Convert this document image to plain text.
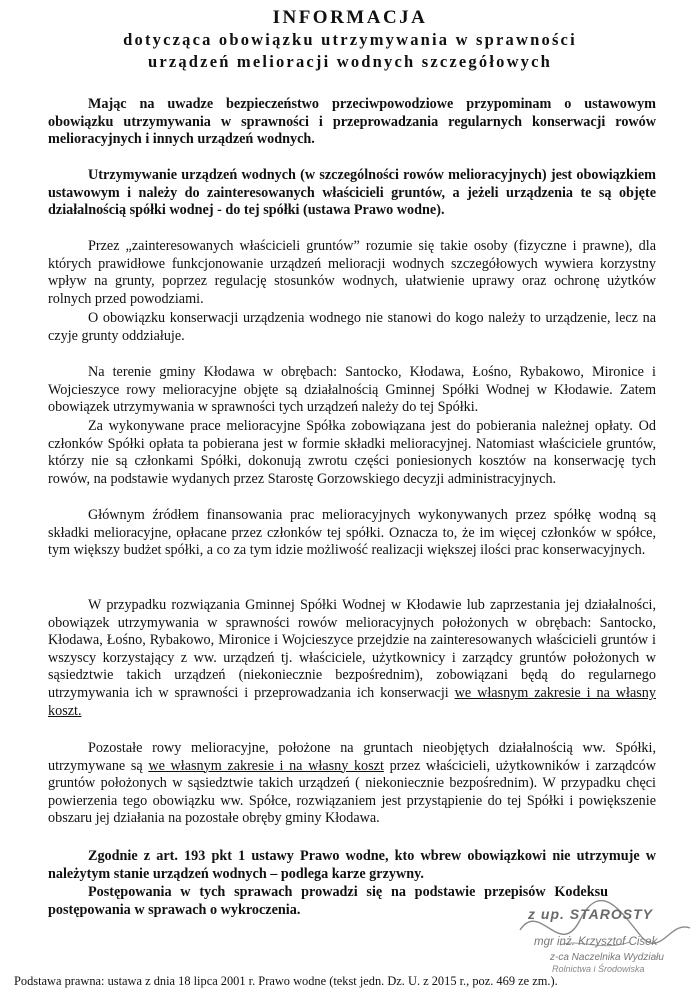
INFORMACJA
dotycząca obowiązku utrzymywania w sprawności
urządzeń melioracji wodnych szczegółowych

Mając na uwadze bezpieczeństwo przeciwpowodziowe przypominam o ustawowym obowiązku utrzymywania w sprawności i przeprowadzania regularnych konserwacji rowów melioracyjnych i innych urządzeń wodnych.

Utrzymywanie urządzeń wodnych (w szczególności rowów melioracyjnych) jest obowiązkiem ustawowym i należy do zainteresowanych właścicieli gruntów, a jeżeli urządzenia te są objęte działalnością spółki wodnej - do tej spółki (ustawa Prawo wodne).

Przez „zainteresowanych właścicieli gruntów” rozumie się takie osoby (fizyczne i prawne), dla których prawidłowe funkcjonowanie urządzeń melioracji wodnych szczegółowych wywiera korzystny wpływ na grunty, poprzez regulację stosunków wodnych, ułatwienie uprawy oraz ochronę użytków rolnych przed powodziami.

O obowiązku konserwacji urządzenia wodnego nie stanowi do kogo należy to urządzenie, lecz na czyje grunty oddziałuje.

Na terenie gminy Kłodawa w obrębach: Santocko, Kłodawa, Łośno, Rybakowo, Mironice i Wojcieszyce rowy melioracyjne objęte są działalnością Gminnej Spółki Wodnej w Kłodawie. Zatem obowiązek utrzymywania w sprawności tych urządzeń należy do tej Spółki.

Za wykonywane prace melioracyjne Spółka zobowiązana jest do pobierania należnej opłaty. Od członków Spółki opłata ta pobierana jest w formie składki melioracyjnej. Natomiast właściciele gruntów, którzy nie są członkami Spółki, dokonują zwrotu części poniesionych kosztów na konserwację tych rowów, na podstawie wydanych przez Starostę Gorzowskiego decyzji administracyjnych.

Głównym źródłem finansowania prac melioracyjnych wykonywanych przez spółkę wodną są składki melioracyjne, opłacane przez członków tej spółki. Oznacza to, że im więcej członków w spółce, tym większy budżet spółki, a co za tym idzie możliwość realizacji większej ilości prac konserwacyjnych.

W przypadku rozwiązania Gminnej Spółki Wodnej w Kłodawie lub zaprzestania jej działalności, obowiązek utrzymywania w sprawności rowów melioracyjnych położonych w obrębach: Santocko, Kłodawa, Łośno, Rybakowo, Mironice i Wojcieszyce przejdzie na zainteresowanych właścicieli gruntów i wszyscy korzystający z ww. urządzeń tj. właściciele, użytkownicy i zarządcy gruntów położonych w sąsiedztwie takich urządzeń (niekoniecznie bezpośrednim), zobowiązani będą do regularnego utrzymywania ich w sprawności i przeprowadzania ich konserwacji we własnym zakresie i na własny koszt.

Pozostałe rowy melioracyjne, położone na gruntach nieobjętych działalnością ww. Spółki, utrzymywane są we własnym zakresie i na własny koszt przez właścicieli, użytkowników i zarządców gruntów położonych w sąsiedztwie takich urządzeń ( niekoniecznie bezpośrednim). W przypadku chęci powierzenia tego obowiązku ww. Spółce, rozwiązaniem jest przystąpienie do tej Spółki i powiększenie obszaru jej działania na pozostałe obręby gminy Kłodawa.

Zgodnie z art. 193 pkt 1 ustawy Prawo wodne, kto wbrew obowiązkowi nie utrzymuje w należytym stanie urządzeń wodnych – podlega karze grzywny.

Postępowania w tych sprawach prowadzi się na podstawie przepisów Kodeksu postępowania w sprawach o wykroczenia.	z up. STAROSTY
mgr inż. Krzysztof Cisek
z-ca Naczelnika Wydziału
Rolnictwa i Środowiska

Podstawa prawna: ustawa z dnia 18 lipca 2001 r. Prawo wodne (tekst jedn. Dz. U. z 2015 r., poz. 469 ze zm.).
